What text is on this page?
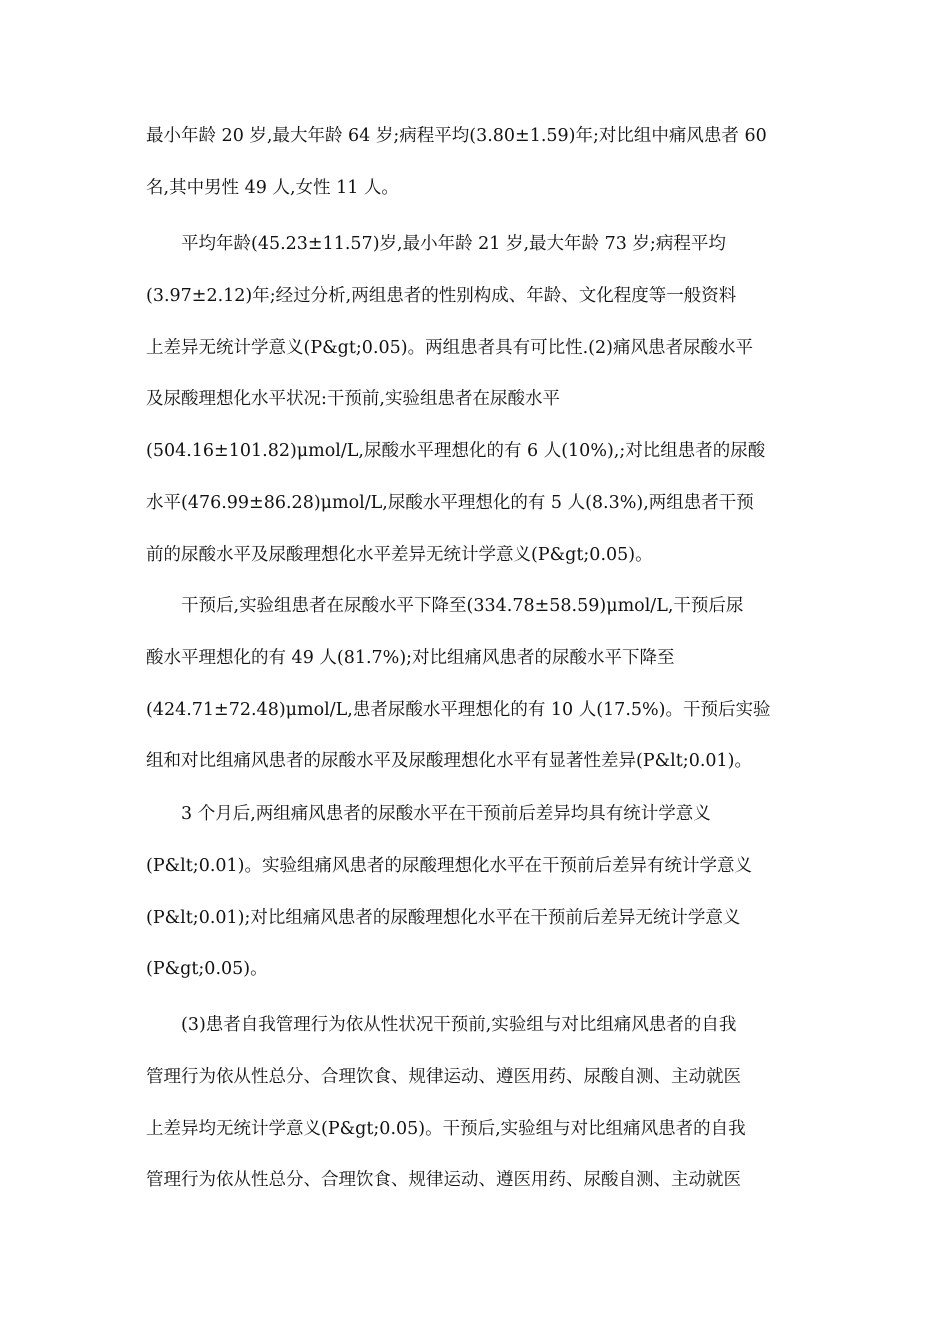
最小年龄 20 岁,最大年龄 64 岁;病程平均(3.80±1.59)年;对比组中痛风患者 60
名,其中男性 49 人,女性 11 人。
平均年龄(45.23±11.57)岁,最小年龄 21 岁,最大年龄 73 岁;病程平均
(3.97±2.12)年;经过分析,两组患者的性别构成、年龄、文化程度等一般资料
上差异无统计学意义(P&gt;0.05)。两组患者具有可比性.(2)痛风患者尿酸水平
及尿酸理想化水平状况:干预前,实验组患者在尿酸水平
(504.16±101.82)μmol/L,尿酸水平理想化的有 6 人(10%),;对比组患者的尿酸
水平(476.99±86.28)μmol/L,尿酸水平理想化的有 5 人(8.3%),两组患者干预
前的尿酸水平及尿酸理想化水平差异无统计学意义(P&gt;0.05)。
干预后,实验组患者在尿酸水平下降至(334.78±58.59)μmol/L,干预后尿
酸水平理想化的有 49 人(81.7%);对比组痛风患者的尿酸水平下降至
(424.71±72.48)μmol/L,患者尿酸水平理想化的有 10 人(17.5%)。干预后实验
组和对比组痛风患者的尿酸水平及尿酸理想化水平有显著性差异(P&lt;0.01)。
3 个月后,两组痛风患者的尿酸水平在干预前后差异均具有统计学意义
(P&lt;0.01)。实验组痛风患者的尿酸理想化水平在干预前后差异有统计学意义
(P&lt;0.01);对比组痛风患者的尿酸理想化水平在干预前后差异无统计学意义
(P&gt;0.05)。
(3)患者自我管理行为依从性状况干预前,实验组与对比组痛风患者的自我
管理行为依从性总分、合理饮食、规律运动、遵医用药、尿酸自测、主动就医
上差异均无统计学意义(P&gt;0.05)。干预后,实验组与对比组痛风患者的自我
管理行为依从性总分、合理饮食、规律运动、遵医用药、尿酸自测、主动就医
